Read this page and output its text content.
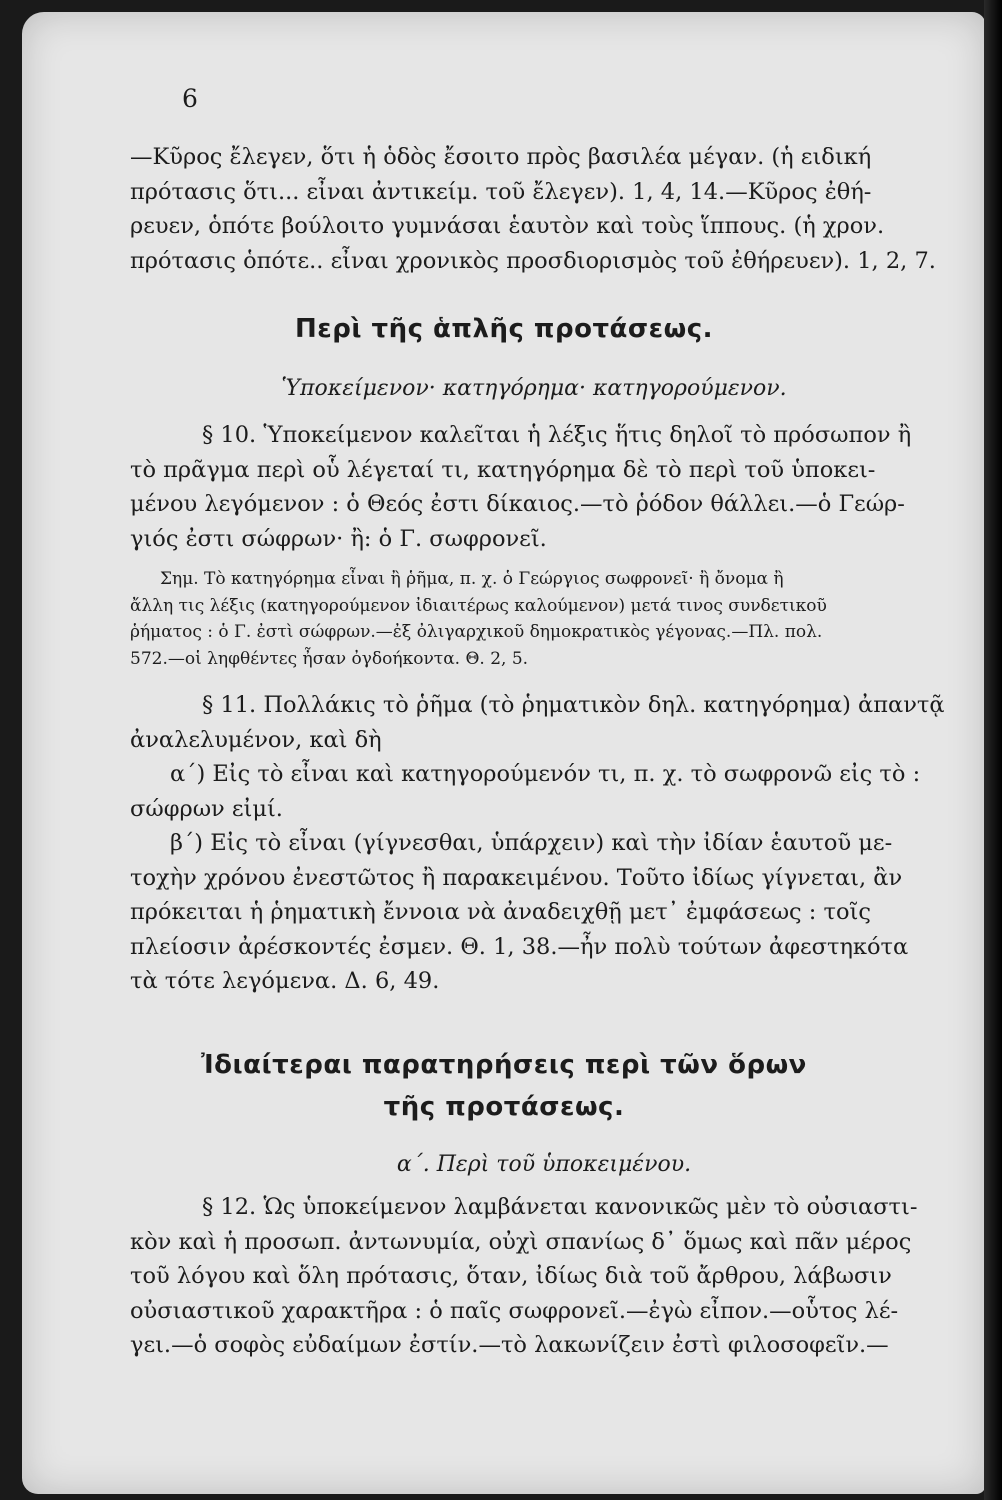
6
—Κῦρος ἔλεγεν, ὅτι ἡ ὁδὸς ἔσοιτο πρὸς βασιλέα μέγαν. (ἡ ειδική
πρότασις ὅτι... εἶναι ἀντικείμ. τοῦ ἔλεγεν). 1, 4, 14.—Κῦρος ἐθή-
ρευεν, ὁπότε βούλοιτο γυμνάσαι ἑαυτὸν καὶ τοὺς ἵππους. (ἡ χρον.
πρότασις ὁπότε.. εἶναι χρονικὸς προσδιορισμὸς τοῦ ἐθήρευεν). 1, 2, 7.
Περὶ τῆς ἁπλῆς προτάσεως.
Ὑποκείμενον· κατηγόρημα· κατηγορούμενον.
§ 10. Ὑποκείμενον καλεῖται ἡ λέξις ἥτις δηλοῖ τὸ πρόσωπον ἢ
τὸ πρᾶγμα περὶ οὗ λέγεταί τι, κατηγόρημα δὲ τὸ περὶ τοῦ ὑποκει-
μένου λεγόμενον : ὁ Θεός ἐστι δίκαιος.—τὸ ῥόδον θάλλει.—ὁ Γεώρ-
γιός ἐστι σώφρων· ἢ: ὁ Γ. σωφρονεῖ.
Σημ. Τὸ κατηγόρημα εἶναι ἢ ῥῆμα, π. χ. ὁ Γεώργιος σωφρονεῖ· ἢ ὄνομα ἢ
ἄλλη τις λέξις (κατηγορούμενον ἰδιαιτέρως καλούμενον) μετά τινος συνδετικοῦ
ῥήματος : ὁ Γ. ἐστὶ σώφρων.—ἐξ ὀλιγαρχικοῦ δημοκρατικὸς γέγονας.—Πλ. πολ.
572.—οἱ ληφθέντες ἦσαν ὀγδοήκοντα. Θ. 2, 5.
§ 11. Πολλάκις τὸ ῥῆμα (τὸ ῥηματικὸν δηλ. κατηγόρημα) ἀπαντᾷ
ἀναλελυμένον, καὶ δὴ
α΄) Εἰς τὸ εἶναι καὶ κατηγορούμενόν τι, π. χ. τὸ σωφρονῶ εἰς τὸ :
σώφρων εἰμί.
β΄) Εἰς τὸ εἶναι (γίγνεσθαι, ὑπάρχειν) καὶ τὴν ἰδίαν ἑαυτοῦ με-
τοχὴν χρόνου ἐνεστῶτος ἢ παρακειμένου. Τοῦτο ἰδίως γίγνεται, ἂν
πρόκειται ἡ ῥηματικὴ ἔννοια νὰ ἀναδειχθῇ μετ᾽ ἐμφάσεως : τοῖς
πλείοσιν ἀρέσκοντές ἐσμεν. Θ. 1, 38.—ἦν πολὺ τούτων ἀφεστηκότα
τὰ τότε λεγόμενα. Δ. 6, 49.
Ἰδιαίτεραι παρατηρήσεις περὶ τῶν ὅρων
τῆς προτάσεως.
α΄. Περὶ τοῦ ὑποκειμένου.
§ 12. Ὡς ὑποκείμενον λαμβάνεται κανονικῶς μὲν τὸ οὐσιαστι-
κὸν καὶ ἡ προσωπ. ἀντωνυμία, οὐχὶ σπανίως δ᾽ ὅμως καὶ πᾶν μέρος
τοῦ λόγου καὶ ὅλη πρότασις, ὅταν, ἰδίως διὰ τοῦ ἄρθρου, λάβωσιν
οὐσιαστικοῦ χαρακτῆρα : ὁ παῖς σωφρονεῖ.—ἐγὼ εἶπον.—οὗτος λέ-
γει.—ὁ σοφὸς εὐδαίμων ἐστίν.—τὸ λακωνίζειν ἐστὶ φιλοσοφεῖν.—
